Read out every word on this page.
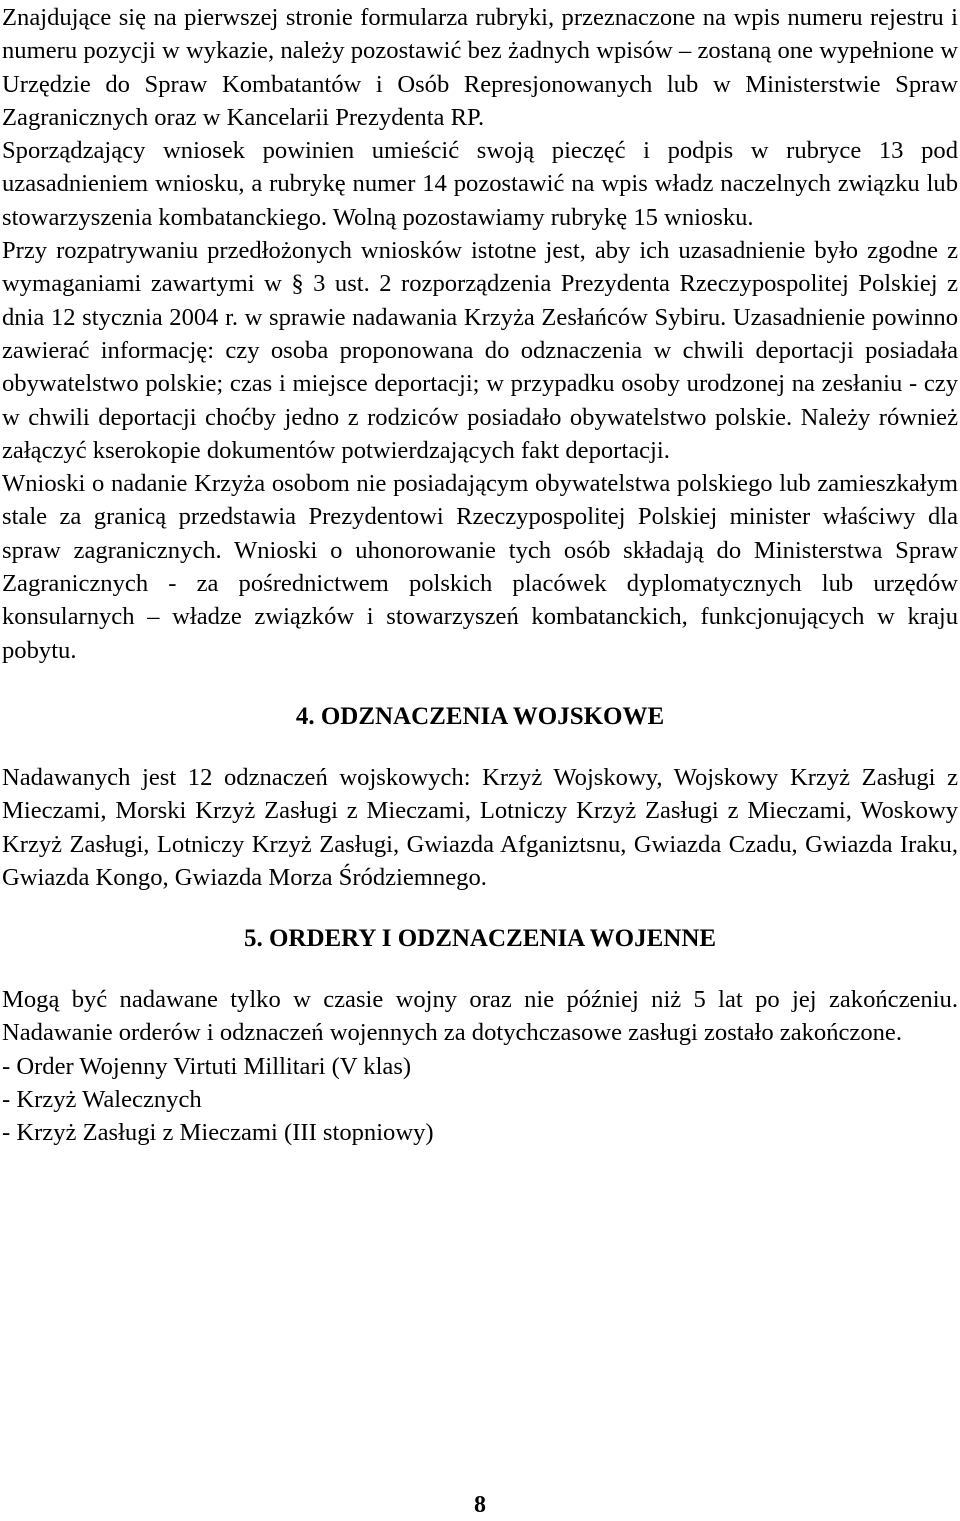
Znajdujące się na pierwszej stronie formularza rubryki, przeznaczone na wpis numeru rejestru i numeru pozycji w wykazie, należy pozostawić bez żadnych wpisów – zostaną one wypełnione w Urzędzie do Spraw Kombatantów i Osób Represjonowanych lub w Ministerstwie Spraw Zagranicznych oraz w Kancelarii Prezydenta RP.

Sporządzający wniosek powinien umieścić swoją pieczęć i podpis w rubryce 13 pod uzasadnieniem wniosku, a rubrykę numer 14 pozostawić na wpis władz naczelnych związku lub stowarzyszenia kombatanckiego. Wolną pozostawiamy rubrykę 15 wniosku.

Przy rozpatrywaniu przedłożonych wniosków istotne jest, aby ich uzasadnienie było zgodne z wymaganiami zawartymi w § 3 ust. 2 rozporządzenia Prezydenta Rzeczypospolitej Polskiej z dnia 12 stycznia 2004 r. w sprawie nadawania Krzyża Zesłańców Sybiru. Uzasadnienie powinno zawierać informację: czy osoba proponowana do odznaczenia w chwili deportacji posiadała obywatelstwo polskie; czas i miejsce deportacji; w przypadku osoby urodzonej na zesłaniu - czy w chwili deportacji choćby jedno z rodziców posiadało obywatelstwo polskie. Należy również załączyć kserokopie dokumentów potwierdzających fakt deportacji.

Wnioski o nadanie Krzyża osobom nie posiadającym obywatelstwa polskiego lub zamieszkałym stale za granicą przedstawia Prezydentowi Rzeczypospolitej Polskiej minister właściwy dla spraw zagranicznych. Wnioski o uhonorowanie tych osób składają do Ministerstwa Spraw Zagranicznych - za pośrednictwem polskich placówek dyplomatycznych lub urzędów konsularnych – władze związków i stowarzyszeń kombatanckich, funkcjonujących w kraju pobytu.

4. ODZNACZENIA WOJSKOWE

Nadawanych jest 12 odznaczeń wojskowych: Krzyż Wojskowy, Wojskowy Krzyż Zasługi z Mieczami, Morski Krzyż Zasługi z Mieczami, Lotniczy Krzyż Zasługi z Mieczami, Woskowy Krzyż Zasługi, Lotniczy Krzyż Zasługi, Gwiazda Afganiztsnu, Gwiazda Czadu, Gwiazda Iraku, Gwiazda Kongo, Gwiazda Morza Śródziemnego.

5. ORDERY I ODZNACZENIA WOJENNE

Mogą być nadawane tylko w czasie wojny oraz nie później niż 5 lat po jej zakończeniu. Nadawanie orderów i odznaczeń wojennych za dotychczasowe zasługi zostało zakończone.

- Order Wojenny Virtuti Millitari (V klas)
- Krzyż Walecznych
- Krzyż Zasługi z Mieczami (III stopniowy)
8
